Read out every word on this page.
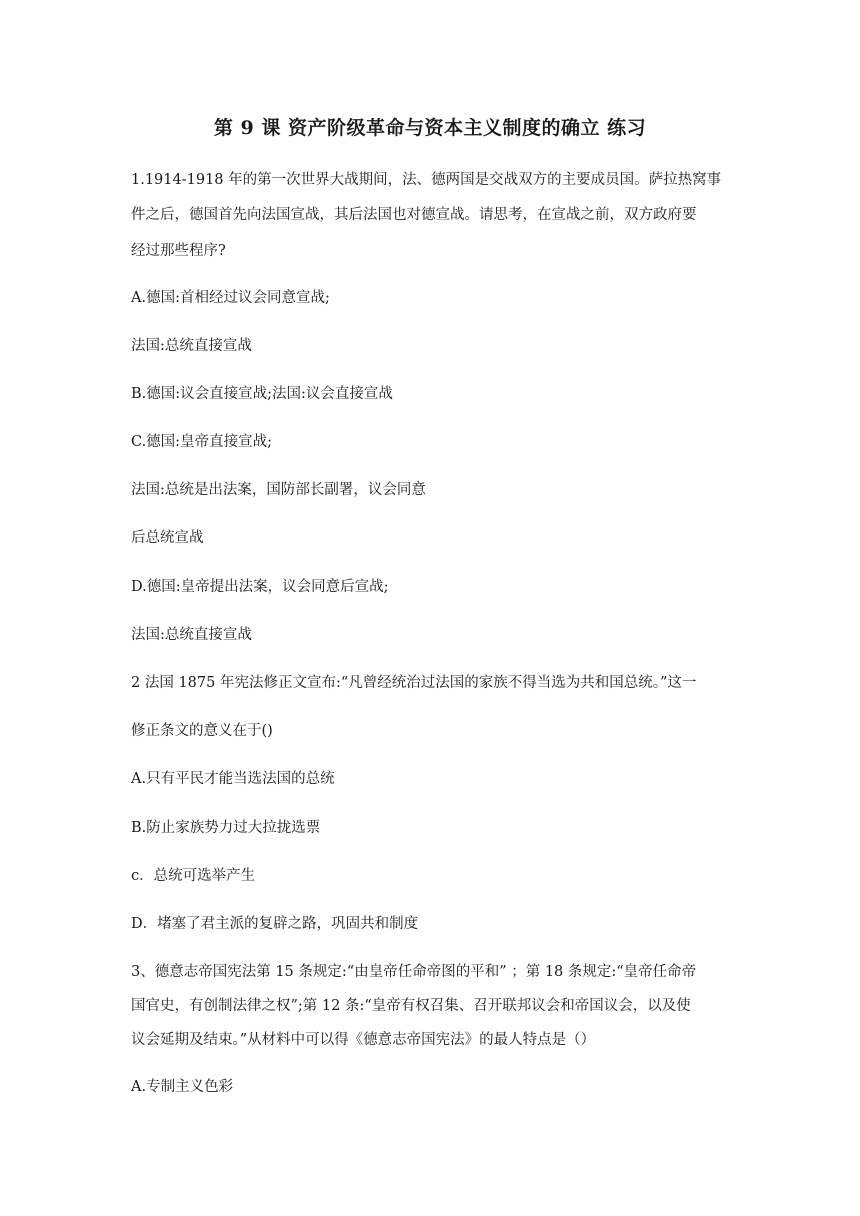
第 9 课 资产阶级革命与资本主义制度的确立 练习
1.1914-1918 年的第一次世界大战期间，法、德两国是交战双方的主要成员国。萨拉热窝事
件之后，德国首先向法国宣战，其后法国也对德宣战。请思考，在宣战之前，双方政府要
经过那些程序?
A.德国:首相经过议会同意宣战;
法国:总统直接宣战
B.德国:议会直接宣战;法国:议会直接宣战
C.德国:皇帝直接宣战;
法国:总统是出法案，国防部长副署，议会同意
后总统宣战
D.德国:皇帝提出法案，议会同意后宣战;
法国:总统直接宣战
2 法国 1875 年宪法修正文宣布:“凡曾经统治过法国的家族不得当选为共和国总统。”这一
修正条文的意义在于()
A.只有平民才能当选法国的总统
B.防止家族势力过大拉拢选票
c．总统可选举产生
D．堵塞了君主派的复辟之路，巩固共和制度
3、德意志帝国宪法第 15 条规定:“由皇帝任命帝图的平和” ；第 18 条规定:“皇帝任命帝
国官史，有创制法律之权”;第 12 条:“皇帝有权召集、召开联邦议会和帝国议会，以及使
议会延期及结束。”从材料中可以得《德意志帝国宪法》的最人特点是（）
A.专制主义色彩
